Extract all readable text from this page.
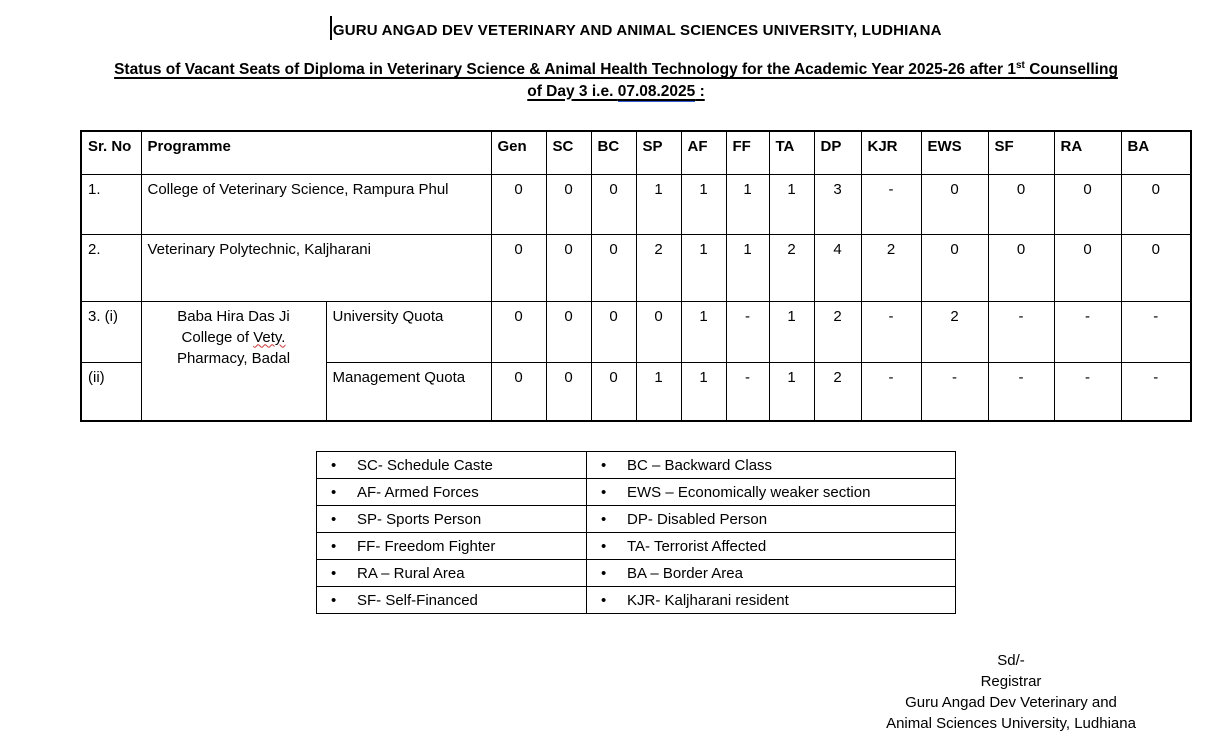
GURU ANGAD DEV VETERINARY AND ANIMAL SCIENCES UNIVERSITY, LUDHIANA
Status of Vacant Seats of Diploma in Veterinary Science & Animal Health Technology for the Academic Year 2025-26 after 1st Counselling
of Day 3 i.e. 07.08.2025 :
Sr. No	Programme		Gen	SC	BC	SP	AF	FF	TA	DP	KJR	EWS	SF	RA	BA
1.	College of Veterinary Science, Rampura Phul		0	0	0	1	1	1	1	3	-	0	0	0	0
2.	Veterinary Polytechnic, Kaljharani		0	0	0	2	1	1	2	4	2	0	0	0	0
3. (i)	Baba Hira Das Ji
College of Vety.
Pharmacy, Badal	University Quota	0	0	0	0	1	-	1	2	-	2	-	-	-
(ii)		Management Quota	0	0	0	1	1	-	1	2	-	-	-	-	-
• SC- Schedule Caste	• BC – Backward Class
• AF- Armed Forces	• EWS – Economically weaker section
• SP- Sports Person	• DP- Disabled Person
• FF- Freedom Fighter	• TA- Terrorist Affected
• RA – Rural Area	• BA – Border Area
• SF- Self-Financed	• KJR- Kaljharani resident
Sd/-
Registrar
Guru Angad Dev Veterinary and
Animal Sciences University, Ludhiana
